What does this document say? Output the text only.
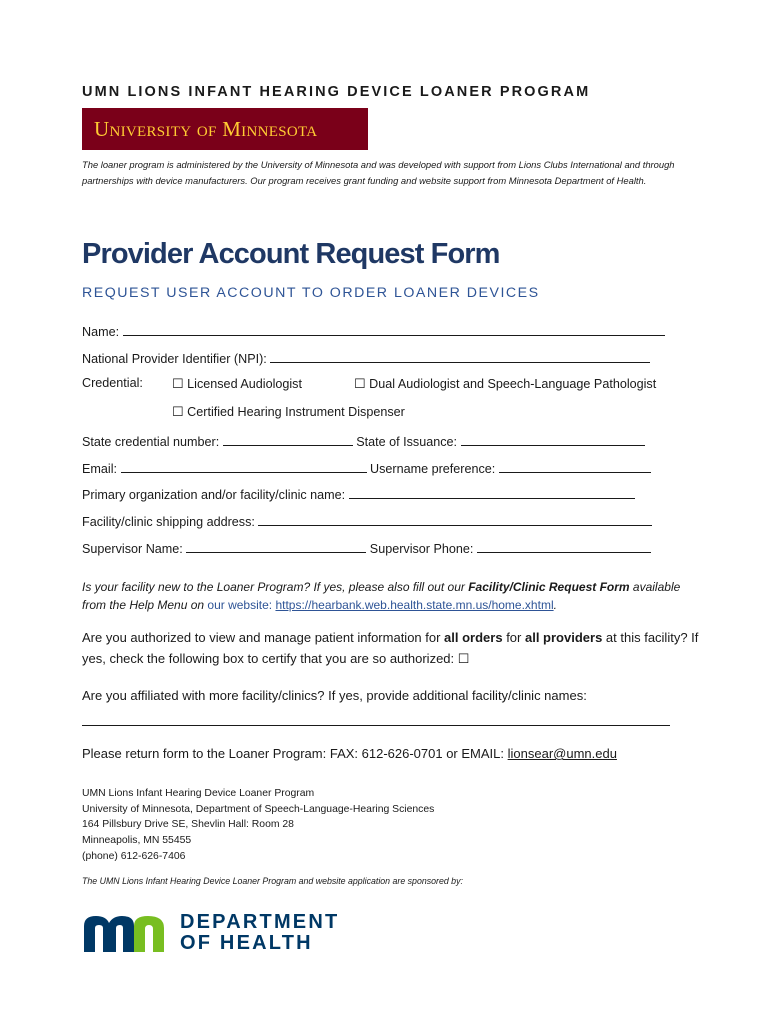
UMN LIONS INFANT HEARING DEVICE LOANER PROGRAM
University of Minnesota
The loaner program is administered by the University of Minnesota and was developed with support from Lions Clubs International and through partnerships with device manufacturers. Our program receives grant funding and website support from Minnesota Department of Health.
Provider Account Request Form
REQUEST USER ACCOUNT TO ORDER LOANER DEVICES
Name:
National Provider Identifier (NPI):
Credential: ☐ Licensed Audiologist	☐ Dual Audiologist and Speech-Language Pathologist
☐ Certified Hearing Instrument Dispenser
State credential number:	State of Issuance:
Email:	Username preference:
Primary organization and/or facility/clinic name:
Facility/clinic shipping address:
Supervisor Name:	Supervisor Phone:
Is your facility new to the Loaner Program? If yes, please also fill out our Facility/Clinic Request Form available from the Help Menu on our website: https://hearbank.web.health.state.mn.us/home.xhtml.
Are you authorized to view and manage patient information for all orders for all providers at this facility? If yes, check the following box to certify that you are so authorized: ☐
Are you affiliated with more facility/clinics? If yes, provide additional facility/clinic names:
Please return form to the Loaner Program: FAX: 612-626-0701 or EMAIL: lionsear@umn.edu
UMN Lions Infant Hearing Device Loaner Program
University of Minnesota, Department of Speech-Language-Hearing Sciences
164 Pillsbury Drive SE, Shevlin Hall: Room 28
Minneapolis, MN 55455
(phone) 612-626-7406
The UMN Lions Infant Hearing Device Loaner Program and website application are sponsored by:
DEPARTMENT
OF HEALTH
